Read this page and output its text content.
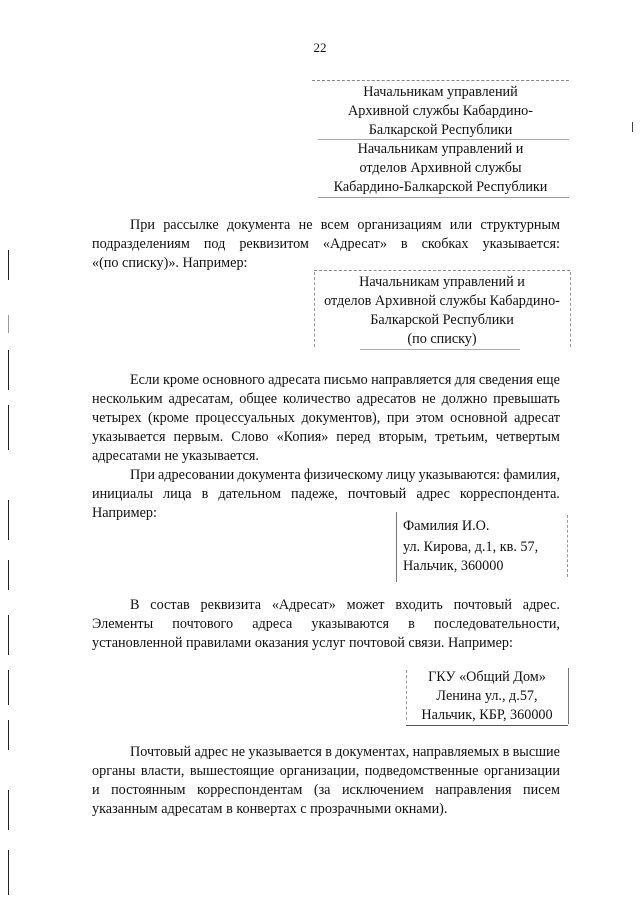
22
Начальникам управлений
Архивной службы Кабардино-
Балкарской Республики
Начальникам управлений и
отделов Архивной службы
Кабардино-Балкарской Республики
При рассылке документа не всем организациям или структурным
подразделениям под реквизитом «Адресат» в скобках указывается:
«(по списку)». Например:
Начальникам управлений и
отделов Архивной службы Кабардино-
Балкарской Республики
(по списку)
Если кроме основного адресата письмо направляется для сведения еще
нескольким адресатам, общее количество адресатов не должно превышать
четырех (кроме процессуальных документов), при этом основной адресат
указывается первым. Слово «Копия» перед вторым, третьим, четвертым
адресатами не указывается.
При адресовании документа физическому лицу указываются: фамилия,
инициалы лица в дательном падеже, почтовый адрес корреспондента.
Например:
Фамилия И.О.
ул. Кирова, д.1, кв. 57,
Нальчик, 360000
В состав реквизита «Адресат» может входить почтовый адрес.
Элементы почтового адреса указываются в последовательности,
установленной правилами оказания услуг почтовой связи. Например:
ГКУ «Общий Дом»
Ленина ул., д.57,
Нальчик, КБР, 360000
Почтовый адрес не указывается в документах, направляемых в высшие
органы власти, вышестоящие организации, подведомственные организации
и постоянным корреспондентам (за исключением направления писем
указанным адресатам в конвертах с прозрачными окнами).
